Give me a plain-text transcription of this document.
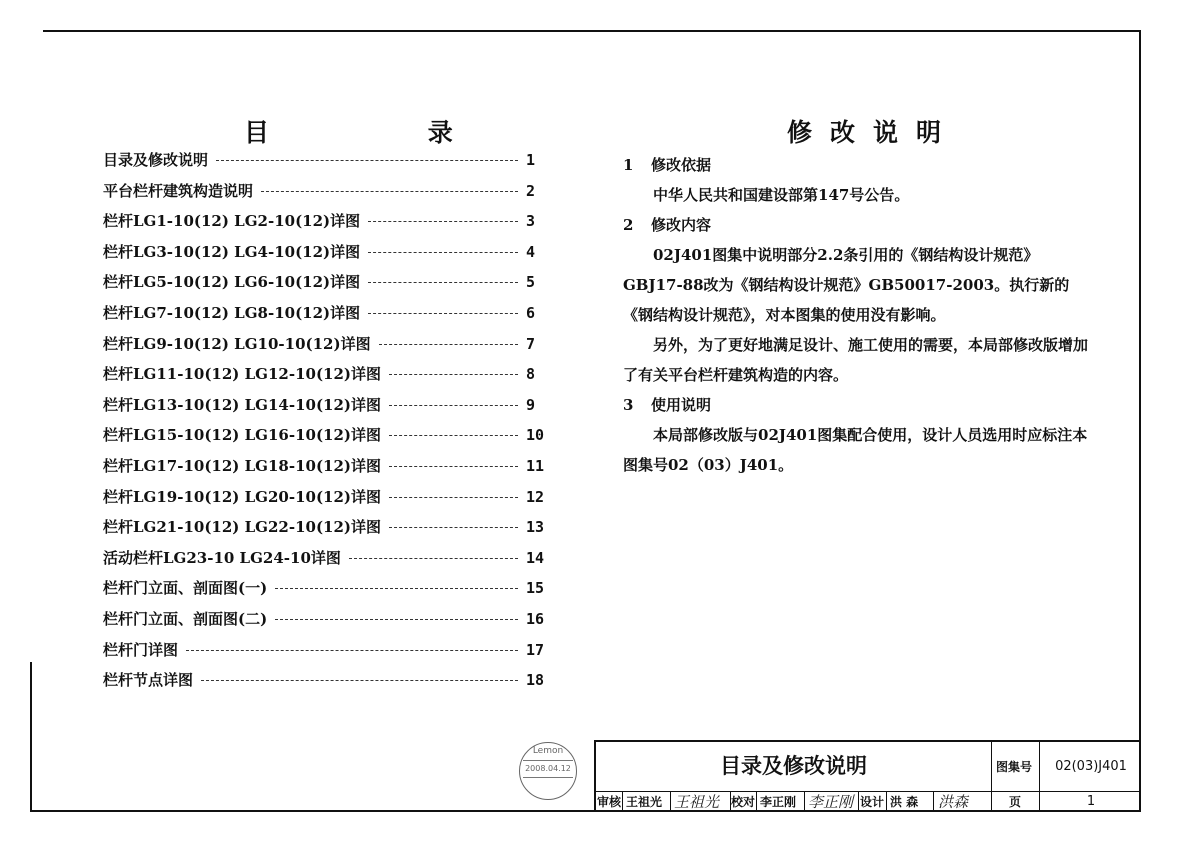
目 录
目录及修改说明	1
平台栏杆建筑构造说明	2
栏杆LG1-10(12) LG2-10(12)详图	3
栏杆LG3-10(12) LG4-10(12)详图	4
栏杆LG5-10(12) LG6-10(12)详图	5
栏杆LG7-10(12) LG8-10(12)详图	6
栏杆LG9-10(12) LG10-10(12)详图	7
栏杆LG11-10(12) LG12-10(12)详图	8
栏杆LG13-10(12) LG14-10(12)详图	9
栏杆LG15-10(12) LG16-10(12)详图	10
栏杆LG17-10(12) LG18-10(12)详图	11
栏杆LG19-10(12) LG20-10(12)详图	12
栏杆LG21-10(12) LG22-10(12)详图	13
活动栏杆LG23-10 LG24-10详图	14
栏杆门立面、剖面图(一)	15
栏杆门立面、剖面图(二)	16
栏杆门详图	17
栏杆节点详图	18
修改说明
1	修改依据

中华人民共和国建设部第147号公告。

2	修改内容

02J401图集中说明部分2.2条引用的《钢结构设计规范》GBJ17-88改为《钢结构设计规范》GB50017-2003。执行新的《钢结构设计规范》，对本图集的使用没有影响。

另外，为了更好地满足设计、施工使用的需要，本局部修改版增加了有关平台栏杆建筑构造的内容。

3	使用说明

本局部修改版与02J401图集配合使用，设计人员选用时应标注本图集号02（03）J401。

Lemon
2008.04.12	目录及修改说明	图集号	02(03)J401
审核 王祖光 王祖光 校对 李正刚 李正刚 设计 洪 森 洪森	页	1
